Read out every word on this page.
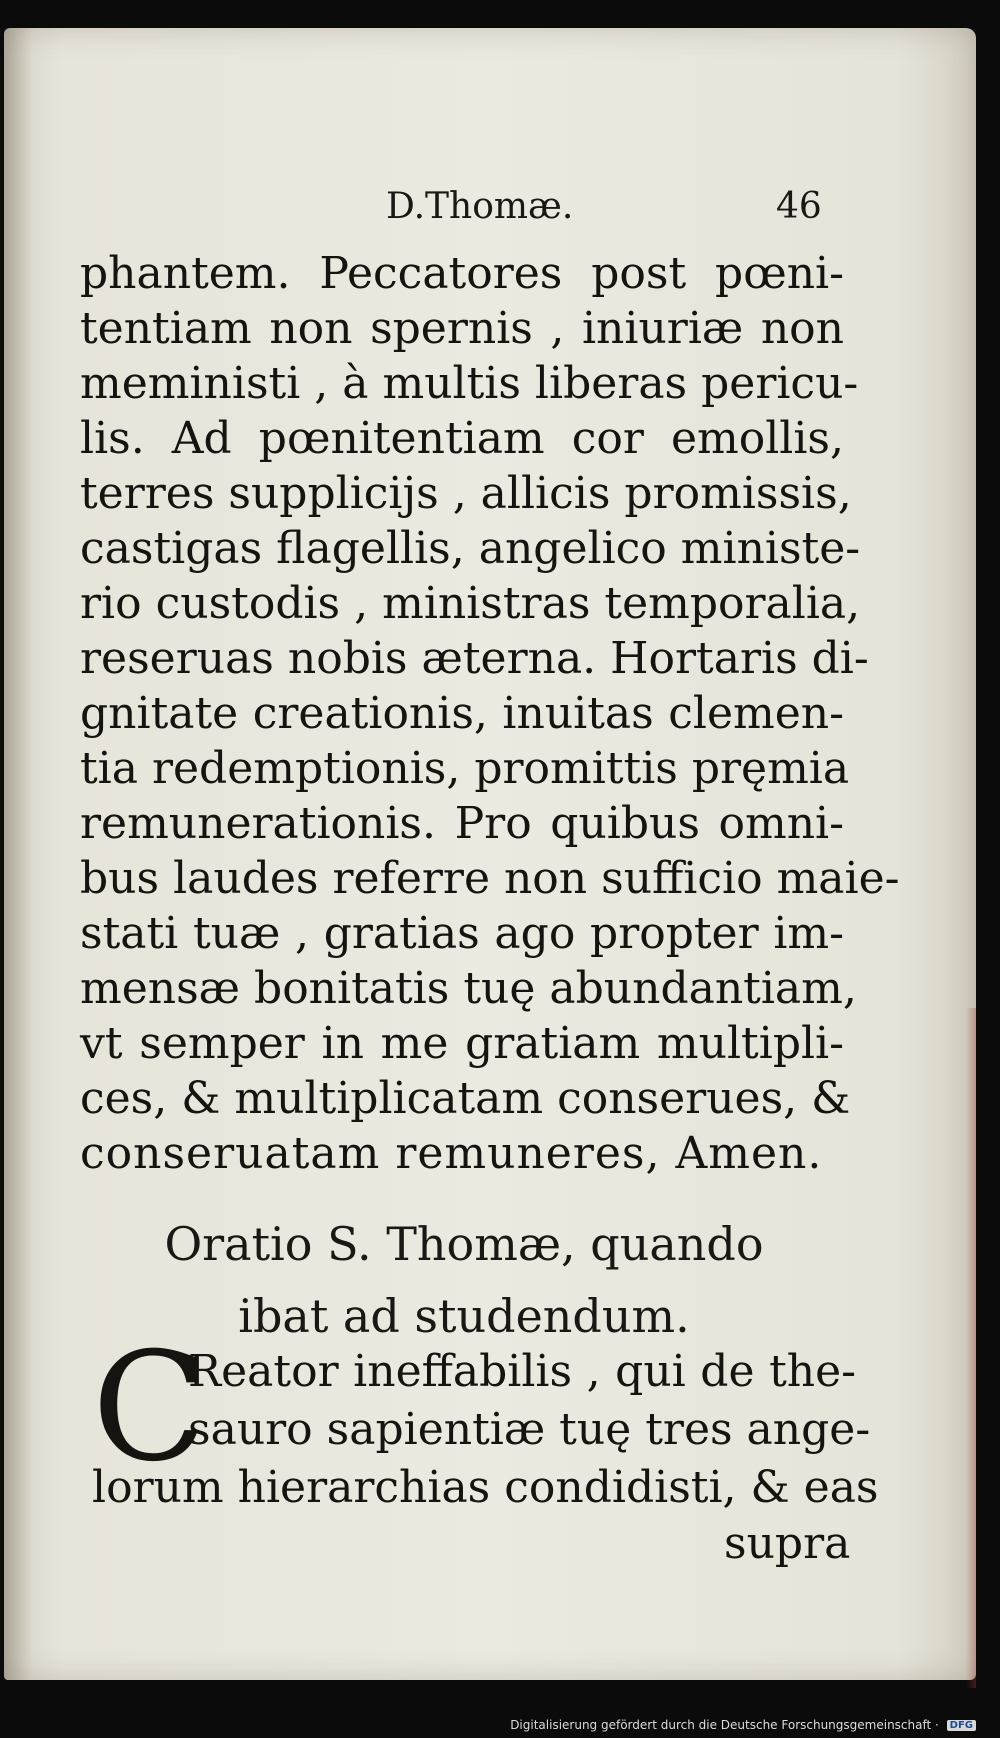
D.Thomæ.	46
phantem. Peccatores post pœni-
tentiam non spernis , iniuriæ non
meministi , à multis liberas pericu-
lis. Ad pœnitentiam cor emollis,
terres supplicijs , allicis promissis,
castigas flagellis, angelico ministe-
rio custodis , ministras temporalia,
reseruas nobis æterna. Hortaris di-
gnitate creationis, inuitas clemen-
tia redemptionis, promittis pręmia
remunerationis. Pro quibus omni-
bus laudes referre non sufficio maie-
stati tuæ , gratias ago propter im-
mensæ bonitatis tuę abundantiam,
vt semper in me gratiam multipli-
ces, & multiplicatam conserues, &
conseruatam remuneres, Amen.
Oratio S. Thomæ, quando
ibat ad studendum.
C
Reator ineffabilis , qui de the-
sauro sapientiæ tuę tres ange-
lorum hierarchias condidisti, & eas
supra
Digitalisierung gefördert durch die Deutsche Forschungsgemeinschaft · DFG
